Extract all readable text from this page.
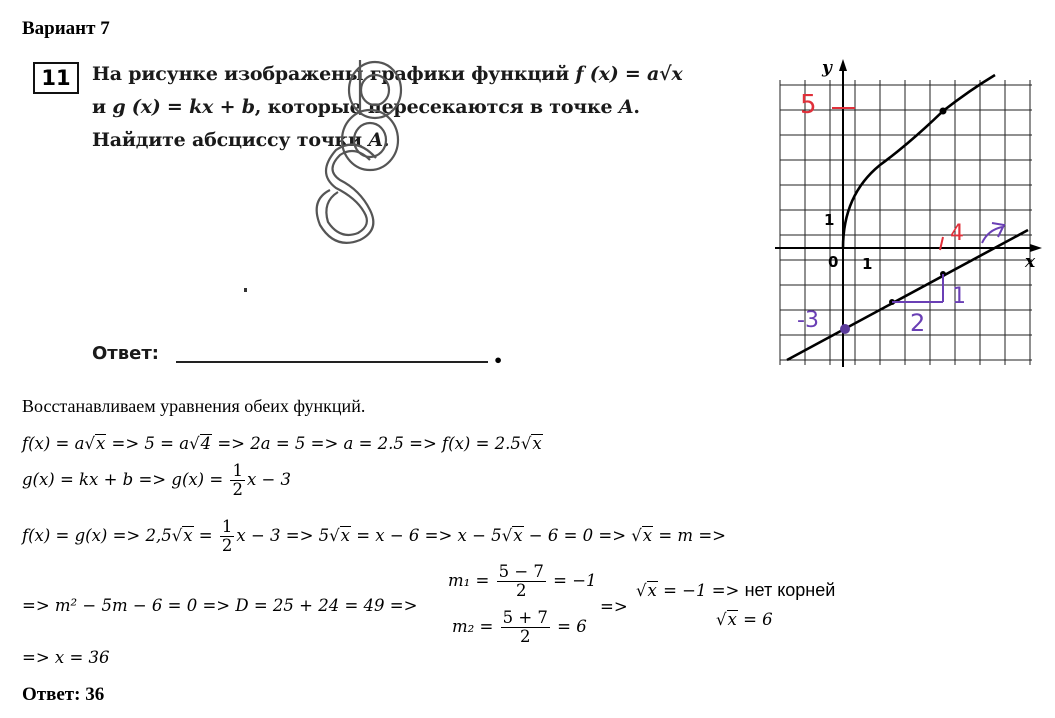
Вариант 7
11	На рисунке изображены графики функций f (x) = a√x
и g (x) = kx + b, которые пересекаются в точке A. Найдите абсциссу точки A.
Ответ:	•
y
x
0 1
1
5
4
-3	2
1
Восстанавливаем уравнения обеих функций.
f(x) = a√x => 5 = a√4 => 2a = 5 => a = 2.5 => f(x) = 2.5√x
g(x) = kx + $b => g(x) = \frac{1}{2}$ x − 3
$f(x) = g(x) => 2,5√x = \frac{1}{2}$ x − 3 => 5√x = x − 6 => x − 5√x − 6 = 0 => √x = m =>
=> m² − 5m − 6 = 0 => D = 25 + 24 = 49 =>
$m_1 = \frac{5 - 7}{2} = -1$
$m_2 = \frac{5 + 7}{2} = 6$
=>
√x = −1 => нет корней
√x = 6
=> x = 36
Ответ: 36
